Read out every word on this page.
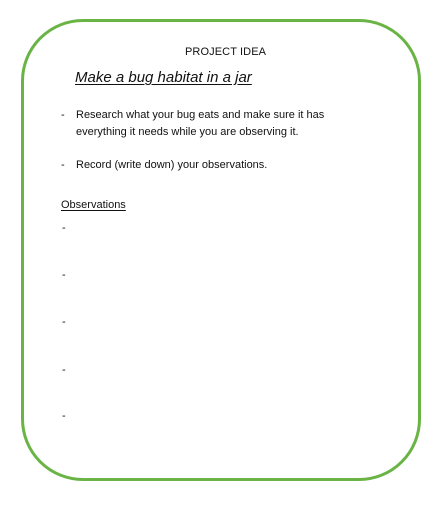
PROJECT IDEA
Make a bug habitat in a jar
- Research what your bug eats and make sure it has
everything it needs while you are observing it.
- Record (write down) your observations.
Observations
-
-
-
-
-
